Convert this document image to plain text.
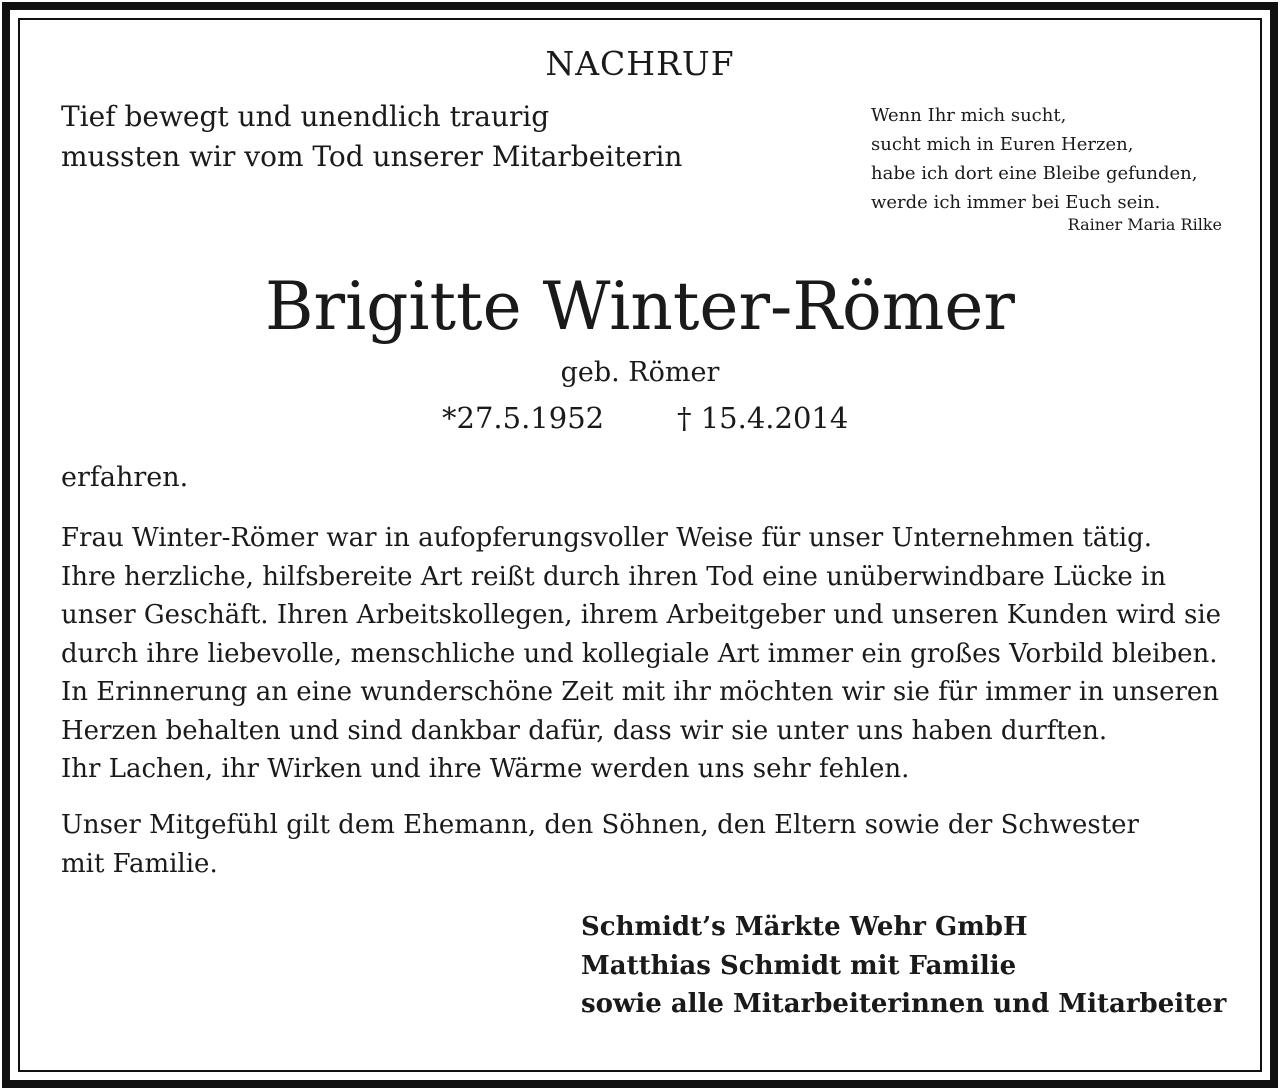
NACHRUF
Tief bewegt und unendlich traurig
mussten wir vom Tod unserer Mitarbeiterin
Wenn Ihr mich sucht,
sucht mich in Euren Herzen,
habe ich dort eine Bleibe gefunden,
werde ich immer bei Euch sein.
Rainer Maria Rilke
Brigitte Winter-Römer
geb. Römer
*27.5.1952	† 15.4.2014
erfahren.
Frau Winter-Römer war in aufopferungsvoller Weise für unser Unternehmen tätig.
Ihre herzliche, hilfsbereite Art reißt durch ihren Tod eine unüberwindbare Lücke in
unser Geschäft. Ihren Arbeitskollegen, ihrem Arbeitgeber und unseren Kunden wird sie
durch ihre liebevolle, menschliche und kollegiale Art immer ein großes Vorbild bleiben.
In Erinnerung an eine wunderschöne Zeit mit ihr möchten wir sie für immer in unseren
Herzen behalten und sind dankbar dafür, dass wir sie unter uns haben durften.
Ihr Lachen, ihr Wirken und ihre Wärme werden uns sehr fehlen.
Unser Mitgefühl gilt dem Ehemann, den Söhnen, den Eltern sowie der Schwester
mit Familie.
Schmidt’s Märkte Wehr GmbH
Matthias Schmidt mit Familie
sowie alle Mitarbeiterinnen und Mitarbeiter
